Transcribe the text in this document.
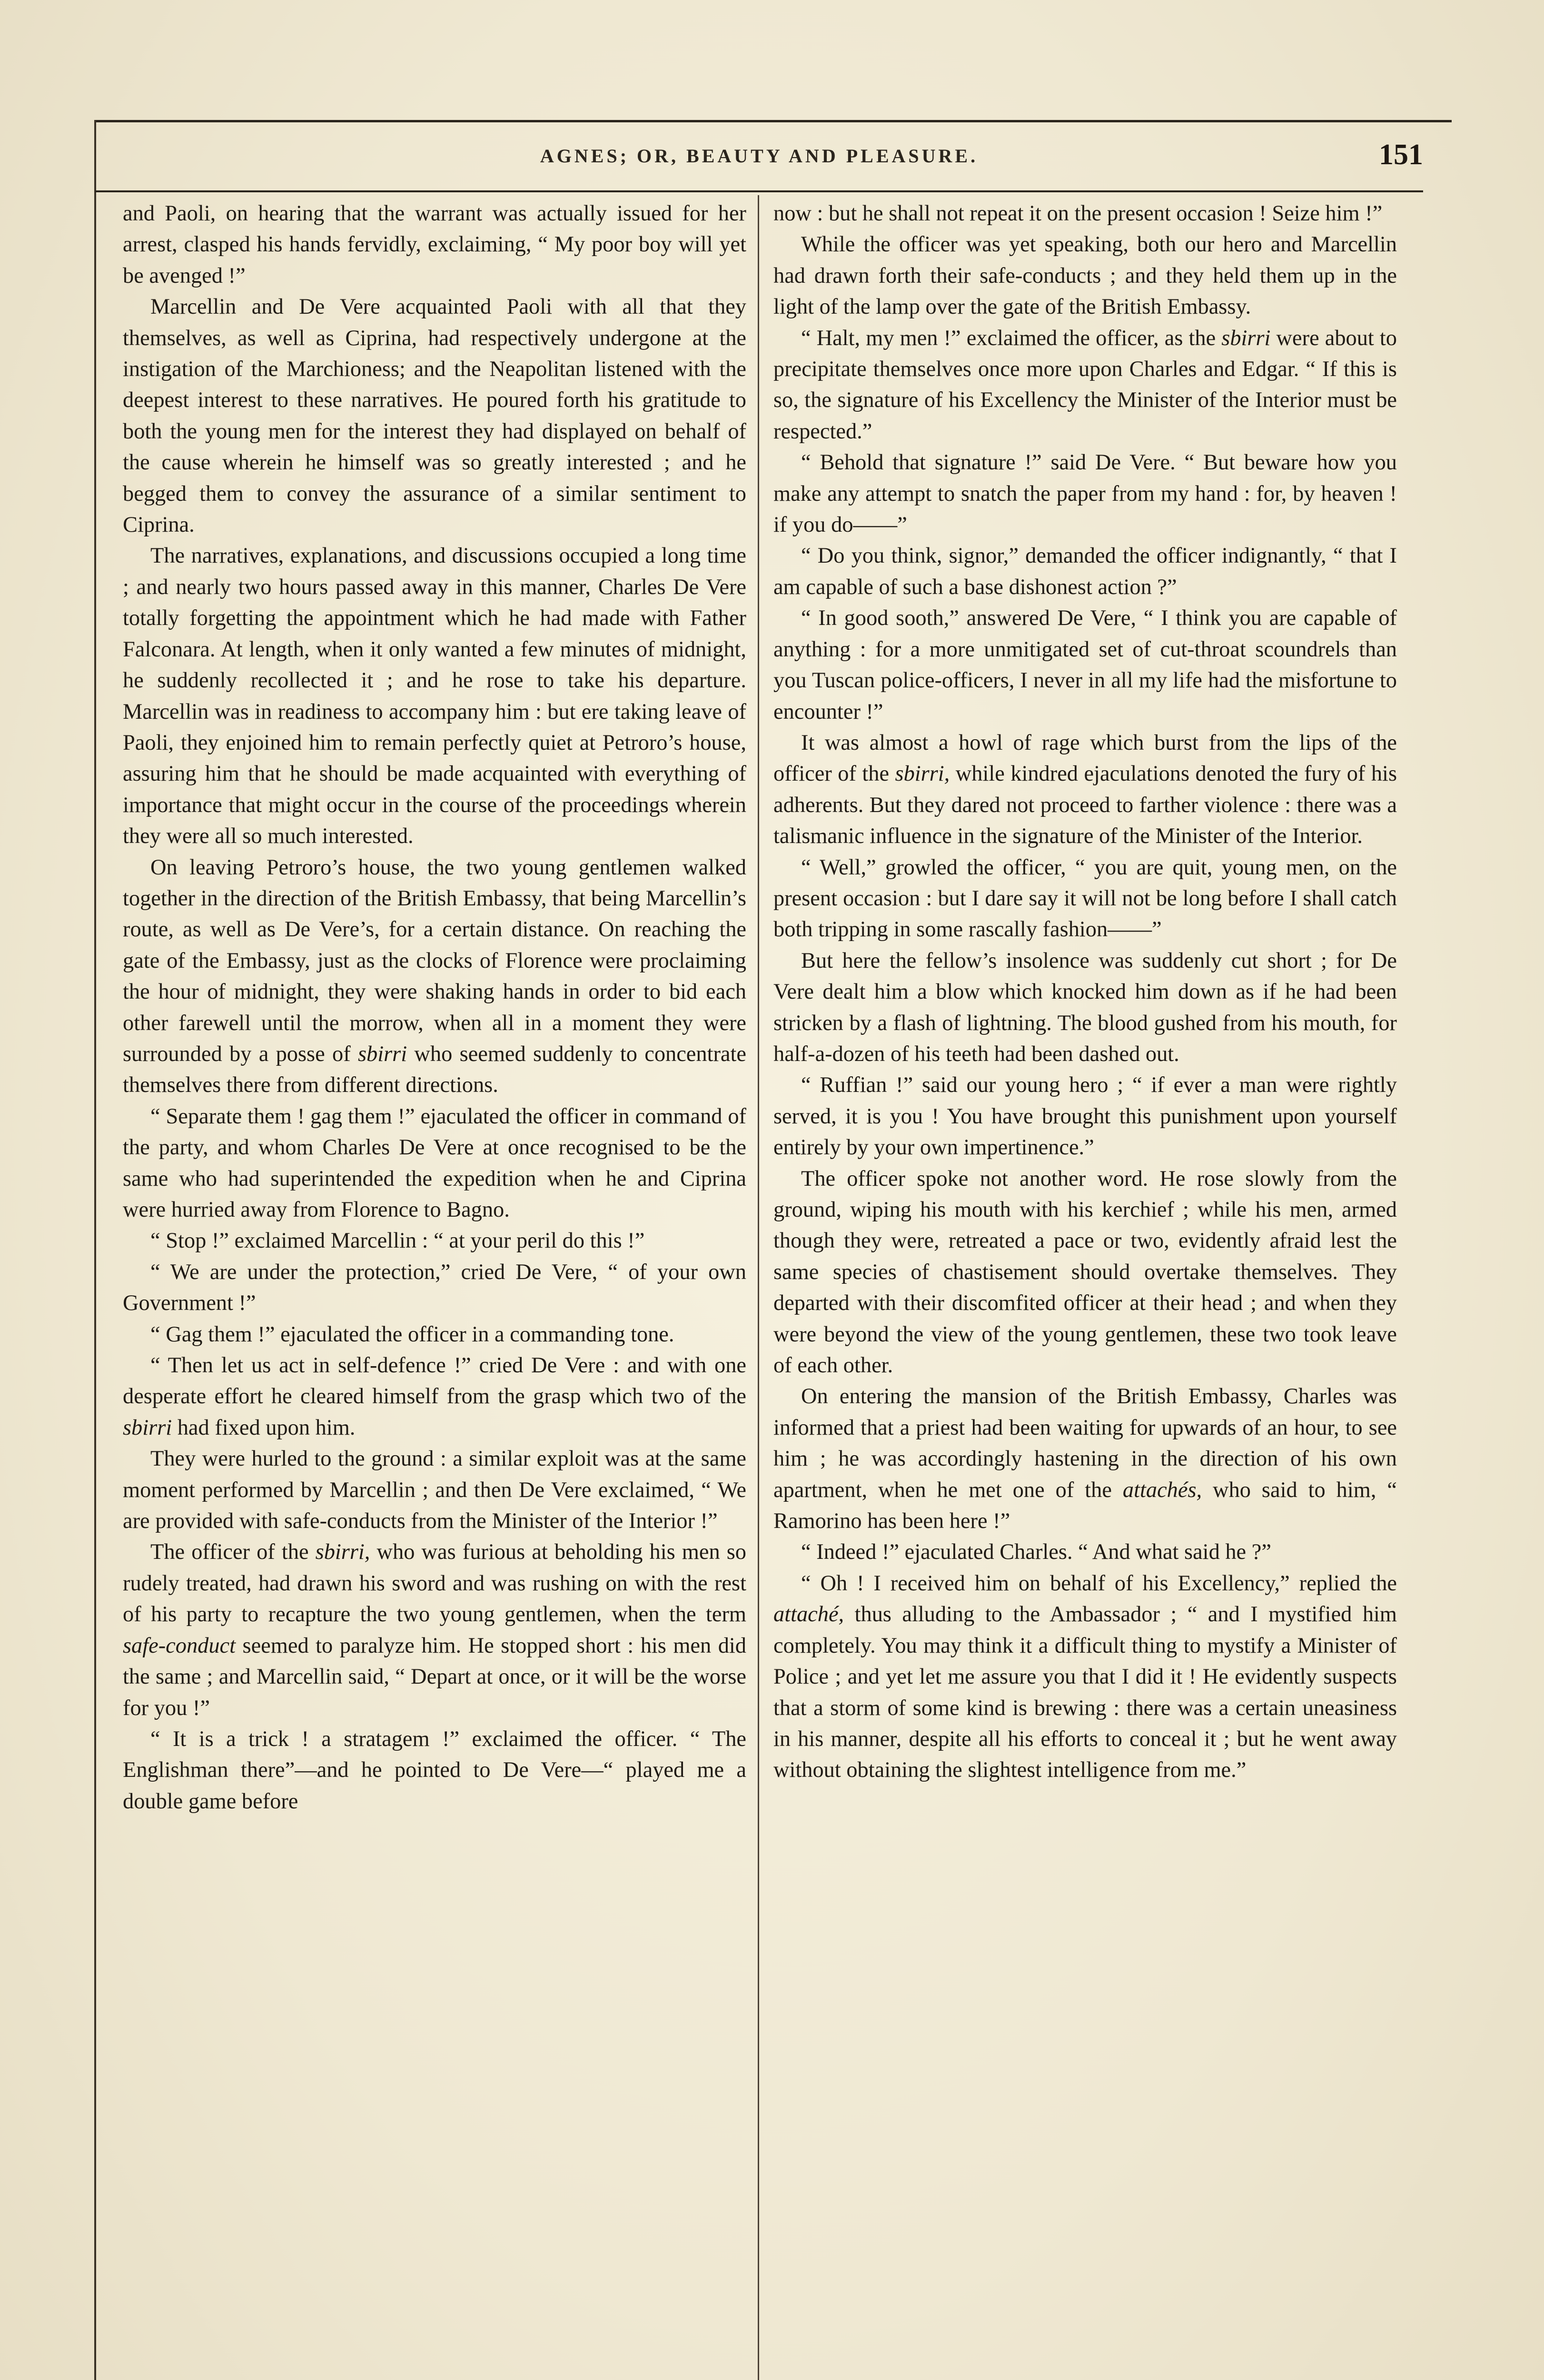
AGNES; OR, BEAUTY AND PLEASURE.	151

and Paoli, on hearing that the warrant was actually issued for her arrest, clasped his hands fervidly, exclaiming, “ My poor boy will yet be avenged !”

Marcellin and De Vere acquainted Paoli with all that they themselves, as well as Ciprina, had respectively undergone at the instigation of the Marchioness; and the Neapolitan listened with the deepest interest to these narratives. He poured forth his gratitude to both the young men for the interest they had displayed on behalf of the cause wherein he himself was so greatly interested ; and he begged them to convey the assurance of a similar sentiment to Ciprina.

The narratives, explanations, and discussions occupied a long time ; and nearly two hours passed away in this manner, Charles De Vere totally forgetting the appointment which he had made with Father Falconara. At length, when it only wanted a few minutes of midnight, he suddenly recollected it ; and he rose to take his departure. Marcellin was in readiness to accompany him : but ere taking leave of Paoli, they enjoined him to remain perfectly quiet at Petroro’s house, assuring him that he should be made acquainted with everything of importance that might occur in the course of the proceedings wherein they were all so much interested.

On leaving Petroro’s house, the two young gentlemen walked together in the direction of the British Embassy, that being Marcellin’s route, as well as De Vere’s, for a certain distance. On reaching the gate of the Embassy, just as the clocks of Florence were proclaiming the hour of midnight, they were shaking hands in order to bid each other farewell until the morrow, when all in a moment they were surrounded by a posse of sbirri who seemed suddenly to concentrate themselves there from different directions.

“ Separate them ! gag them !” ejaculated the officer in command of the party, and whom Charles De Vere at once recognised to be the same who had superintended the expedition when he and Ciprina were hurried away from Florence to Bagno.

“ Stop !” exclaimed Marcellin : “ at your peril do this !”

“ We are under the protection,” cried De Vere, “ of your own Government !”

“ Gag them !” ejaculated the officer in a commanding tone.

“ Then let us act in self-defence !” cried De Vere : and with one desperate effort he cleared himself from the grasp which two of the sbirri had fixed upon him.

They were hurled to the ground : a similar exploit was at the same moment performed by Marcellin ; and then De Vere exclaimed, “ We are provided with safe-conducts from the Minister of the Interior !”

The officer of the sbirri, who was furious at beholding his men so rudely treated, had drawn his sword and was rushing on with the rest of his party to recapture the two young gentlemen, when the term safe-conduct seemed to paralyze him. He stopped short : his men did the same ; and Marcellin said, “ Depart at once, or it will be the worse for you !”

“ It is a trick ! a stratagem !” exclaimed the officer. “ The Englishman there”—and he pointed to De Vere—“ played me a double game before

now : but he shall not repeat it on the present occasion ! Seize him !”

While the officer was yet speaking, both our hero and Marcellin had drawn forth their safe-conducts ; and they held them up in the light of the lamp over the gate of the British Embassy.

“ Halt, my men !” exclaimed the officer, as the sbirri were about to precipitate themselves once more upon Charles and Edgar. “ If this is so, the signature of his Excellency the Minister of the Interior must be respected.”

“ Behold that signature !” said De Vere. “ But beware how you make any attempt to snatch the paper from my hand : for, by heaven ! if you do——”

“ Do you think, signor,” demanded the officer indignantly, “ that I am capable of such a base dishonest action ?”

“ In good sooth,” answered De Vere, “ I think you are capable of anything : for a more unmitigated set of cut-throat scoundrels than you Tuscan police-officers, I never in all my life had the misfortune to encounter !”

It was almost a howl of rage which burst from the lips of the officer of the sbirri, while kindred ejaculations denoted the fury of his adherents. But they dared not proceed to farther violence : there was a talismanic influence in the signature of the Minister of the Interior.

“ Well,” growled the officer, “ you are quit, young men, on the present occasion : but I dare say it will not be long before I shall catch both tripping in some rascally fashion——”

But here the fellow’s insolence was suddenly cut short ; for De Vere dealt him a blow which knocked him down as if he had been stricken by a flash of lightning. The blood gushed from his mouth, for half-a-dozen of his teeth had been dashed out.

“ Ruffian !” said our young hero ; “ if ever a man were rightly served, it is you ! You have brought this punishment upon yourself entirely by your own impertinence.”

The officer spoke not another word. He rose slowly from the ground, wiping his mouth with his kerchief ; while his men, armed though they were, retreated a pace or two, evidently afraid lest the same species of chastisement should overtake themselves. They departed with their discomfited officer at their head ; and when they were beyond the view of the young gentlemen, these two took leave of each other.

On entering the mansion of the British Embassy, Charles was informed that a priest had been waiting for upwards of an hour, to see him ; he was accordingly hastening in the direction of his own apartment, when he met one of the attachés, who said to him, “ Ramorino has been here !”

“ Indeed !” ejaculated Charles. “ And what said he ?”

“ Oh ! I received him on behalf of his Excellency,” replied the attaché, thus alluding to the Ambassador ; “ and I mystified him completely. You may think it a difficult thing to mystify a Minister of Police ; and yet let me assure you that I did it ! He evidently suspects that a storm of some kind is brewing : there was a certain uneasiness in his manner, despite all his efforts to conceal it ; but he went away without obtaining the slightest intelligence from me.”
